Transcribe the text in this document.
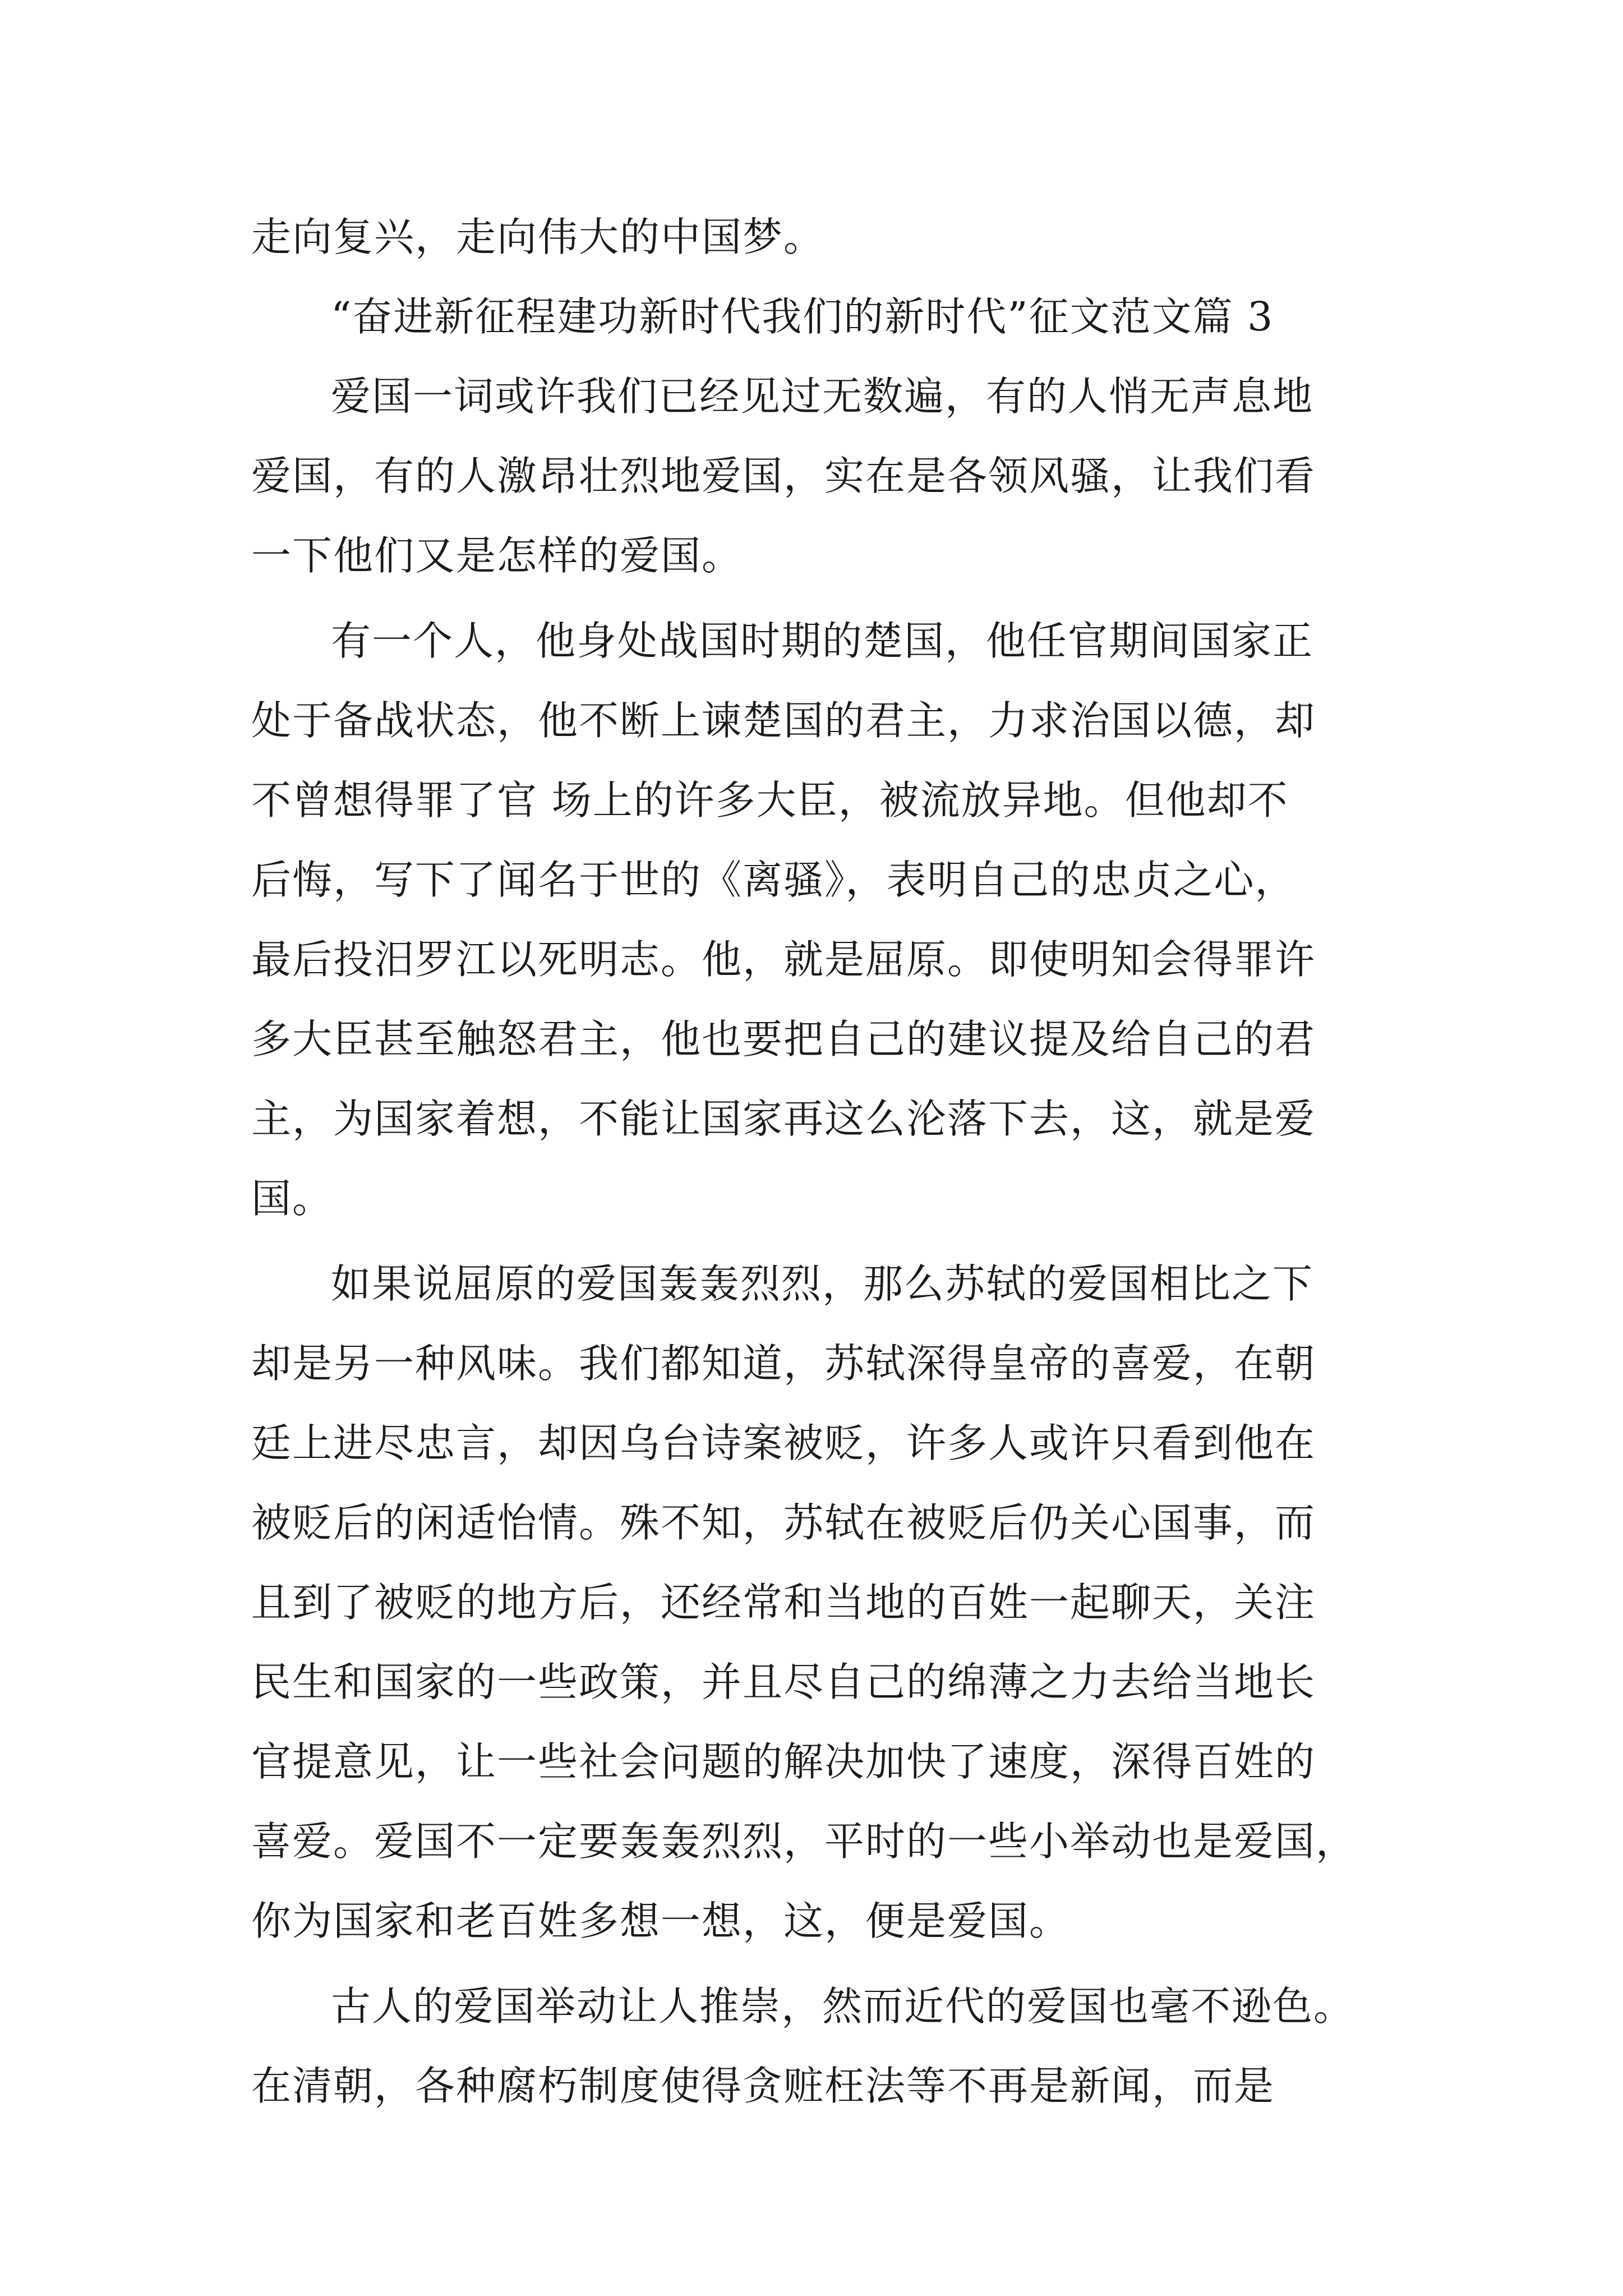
走向复兴，走向伟大的中国梦。
“奋进新征程建功新时代我们的新时代”征文范文篇 3
爱国一词或许我们已经见过无数遍，有的人悄无声息地
爱国，有的人激昂壮烈地爱国，实在是各领风骚，让我们看
一下他们又是怎样的爱国。
有一个人，他身处战国时期的楚国，他任官期间国家正
处于备战状态，他不断上谏楚国的君主，力求治国以德，却
不曾想得罪了官 场上的许多大臣，被流放异地。但他却不
后悔，写下了闻名于世的《离骚》，表明自己的忠贞之心，
最后投汨罗江以死明志。他，就是屈原。即使明知会得罪许
多大臣甚至触怒君主，他也要把自己的建议提及给自己的君
主，为国家着想，不能让国家再这么沦落下去，这，就是爱
国。
如果说屈原的爱国轰轰烈烈，那么苏轼的爱国相比之下
却是另一种风味。我们都知道，苏轼深得皇帝的喜爱，在朝
廷上进尽忠言，却因乌台诗案被贬，许多人或许只看到他在
被贬后的闲适怡情。殊不知，苏轼在被贬后仍关心国事，而
且到了被贬的地方后，还经常和当地的百姓一起聊天，关注
民生和国家的一些政策，并且尽自己的绵薄之力去给当地长
官提意见，让一些社会问题的解决加快了速度，深得百姓的
喜爱。爱国不一定要轰轰烈烈，平时的一些小举动也是爱国，
你为国家和老百姓多想一想，这，便是爱国。
古人的爱国举动让人推崇，然而近代的爱国也毫不逊色。
在清朝，各种腐朽制度使得贪赃枉法等不再是新闻，而是
